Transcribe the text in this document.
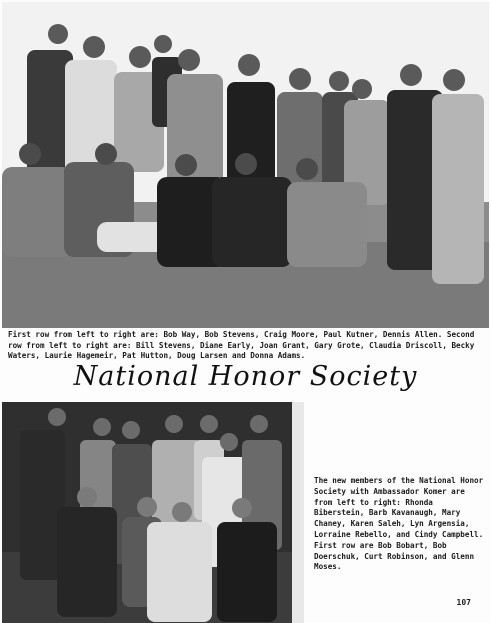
First row from left to right are: Bob Way, Bob Stevens, Craig Moore, Paul Kutner, Dennis Allen. Second row from left to right are: Bill Stevens, Diane Early, Joan Grant, Gary Grote, Claudia Driscoll, Becky Waters, Laurie Hagemeir, Pat Hutton, Doug Larsen and Donna Adams.
National Honor Society
The new members of the National Honor Society with Ambassador Komer are from left to right: Rhonda Biberstein, Barb Kavanaugh, Mary Chaney, Karen Saleh, Lyn Argensia, Lorraine Rebello, and Cindy Campbell. First row are Bob Bobart, Bob Doerschuk, Curt Robinson, and Glenn Moses.
107
